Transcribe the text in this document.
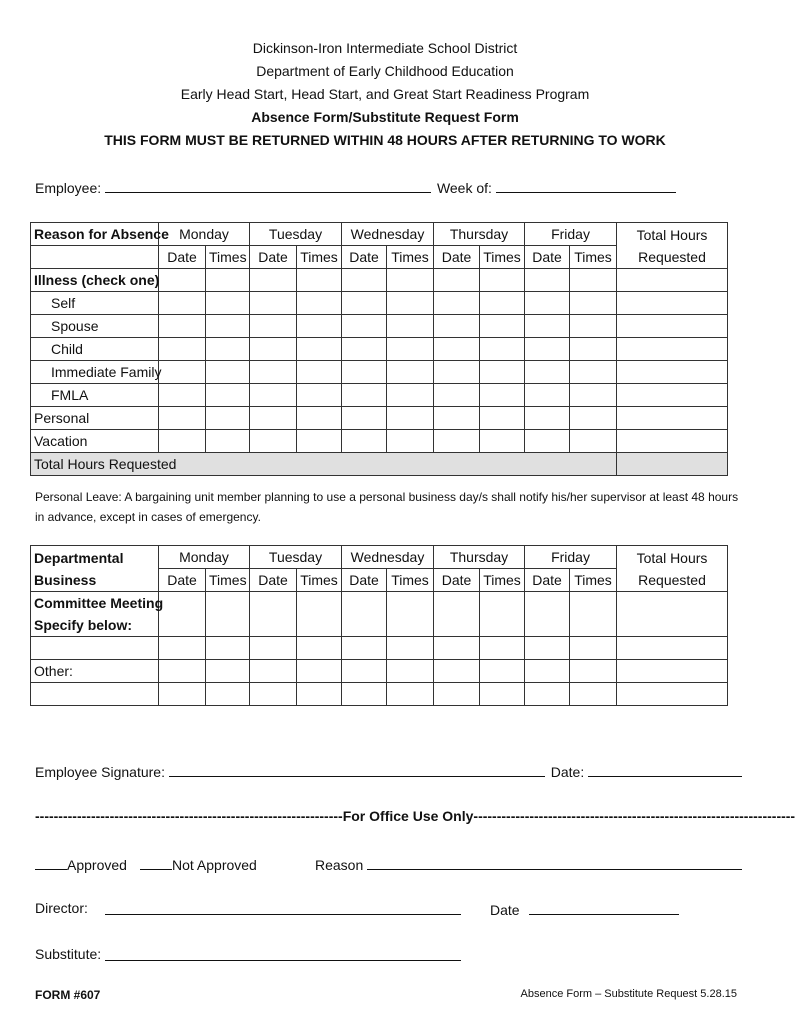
Dickinson-Iron Intermediate School District
Department of Early Childhood Education
Early Head Start, Head Start, and Great Start Readiness Program
Absence Form/Substitute Request Form
THIS FORM MUST BE RETURNED WITHIN 48 HOURS AFTER RETURNING TO WORK
Employee:	Week of:
Reason for Absence	Monday		Tuesday		Wednesday		Thursday		Friday		Total Hours
Requested
	Date	Times	Date	Times	Date	Times	Date	Times	Date	Times	
Illness (check one)											
Self											
Spouse											
Child											
Immediate Family											
FMLA											
Personal											
Vacation											
Total Hours Requested											
Personal Leave: A bargaining unit member planning to use a personal business day/s shall notify his/her supervisor at least 48 hours in advance, except in cases of emergency.
Departmental
Business	Monday		Tuesday		Wednesday		Thursday		Friday		Total Hours
Requested
	Date	Times	Date	Times	Date	Times	Date	Times	Date	Times	
Committee Meeting
Specify below:											

Other:											

Employee Signature:	Date:
------------------------------------------------------------------For Office Use Only---------------------------------------------------------------------
Approved	Not Approved	Reason
Director:	Date
Substitute:
FORM #607	Absence Form – Substitute Request 5.28.15
